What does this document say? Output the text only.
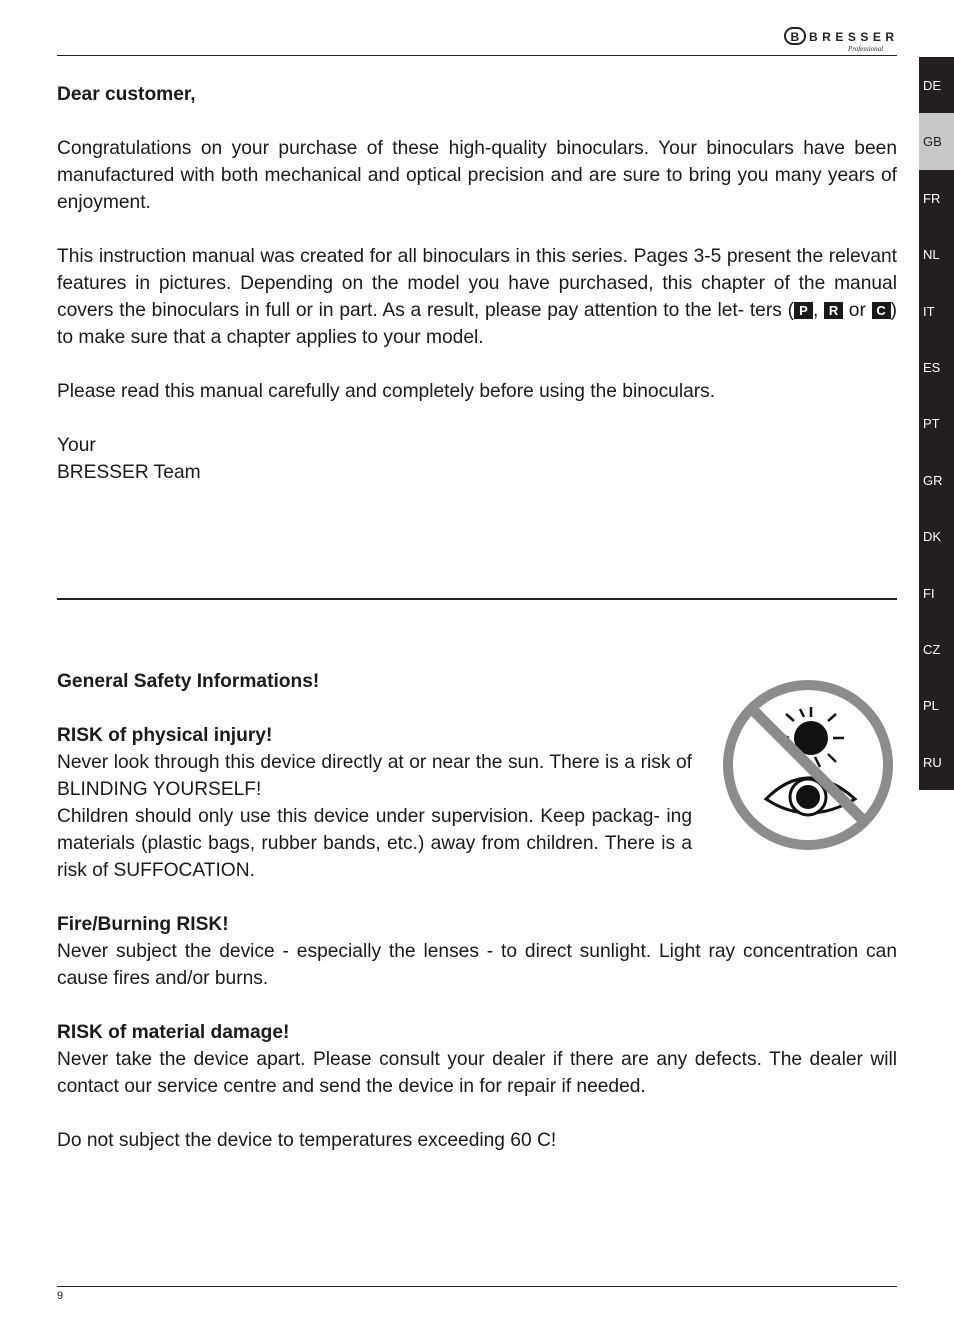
B BRESSER
Professional
DE
GB
FR
NL
IT
ES
PT
GR
DK
FI
CZ
PL
RU

Dear customer,

Congratulations on your purchase of these high-quality binoculars. Your binoculars have been manufactured with both mechanical and optical precision and are sure to bring you many years of enjoyment.

This instruction manual was created for all binoculars in this series. Pages 3-5 present the relevant features in pictures. Depending on the model you have purchased, this chapter of the manual covers the binoculars in full or in part. As a result, please pay attention to the let- ters ( P , R or C ) to make sure that a chapter applies to your model.

Please read this manual carefully and completely before using the binoculars.

Your

BRESSER Team

General Safety Informations!

RISK of physical injury!

Never look through this device directly at or near the sun. There is a risk of BLINDING YOURSELF!

Children should only use this device under supervision. Keep packag- ing materials (plastic bags, rubber bands, etc.) away from children. There is a risk of SUFFOCATION.

Fire/Burning RISK!

Never subject the device - especially the lenses - to direct sunlight. Light ray concentration can cause fires and/or burns.

RISK of material damage!

Never take the device apart. Please consult your dealer if there are any defects. The dealer will contact our service centre and send the device in for repair if needed.

Do not subject the device to temperatures exceeding 60 C!

9
